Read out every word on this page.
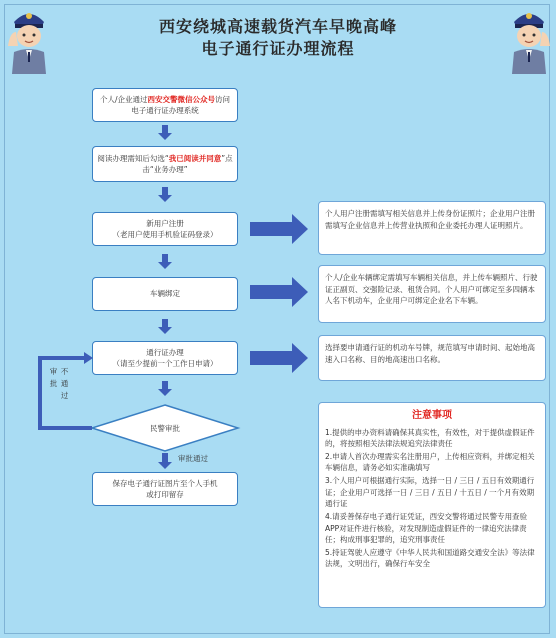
西安绕城高速载货汽车早晚高峰
电子通行证办理流程
个人/企业通过西安交警微信公众号访问
电子通行证办理系统
阅读办理需知后勾选“我已阅读并同意”点击“业务办理”
新用户注册
（老用户使用手机验证码登录）
车辆绑定
通行证办理
（请至少提前一个工作日申请）
民警审批
审
批
不
通
过
审批通过
保存电子通行证图片至个人手机
或打印留存
个人用户注册需填写相关信息并上传身份证照片；企业用户注册需填写企业信息并上传营业执照和企业委托办理人证明照片。
个人/企业车辆绑定需填写车辆相关信息，并上传车辆照片、行驶证正副页、交强险记录、租赁合同。个人用户可绑定至多四辆本人名下机动车，企业用户可绑定企业名下车辆。
选择要申请通行证的机动车号牌，规范填写申请时间、起始地高速入口名称、目的地高速出口名称。
注意事项

1.提供的申办资料请确保其真实性，有效性，对于提供虚假证件的，将按照相关法律法规追究法律责任

2.申请人首次办理需实名注册用户，上传相应资料，并绑定相关车辆信息，请务必如实准确填写

3.个人用户可根据通行实际，选择一日 / 三日 / 五日有效期通行证；企业用户可选择一日 / 三日 / 五日 / 十五日 / 一个月有效期通行证

4.请妥善保存电子通行证凭证，西安交警将通过民警专用查验APP对证件进行核验，对发现制造虚假证件的一律追究法律责任；构成刑事犯罪的，追究刑事责任

5.持证驾驶人应遵守《中华人民共和国道路交通安全法》等法律法规，文明出行，确保行车安全
